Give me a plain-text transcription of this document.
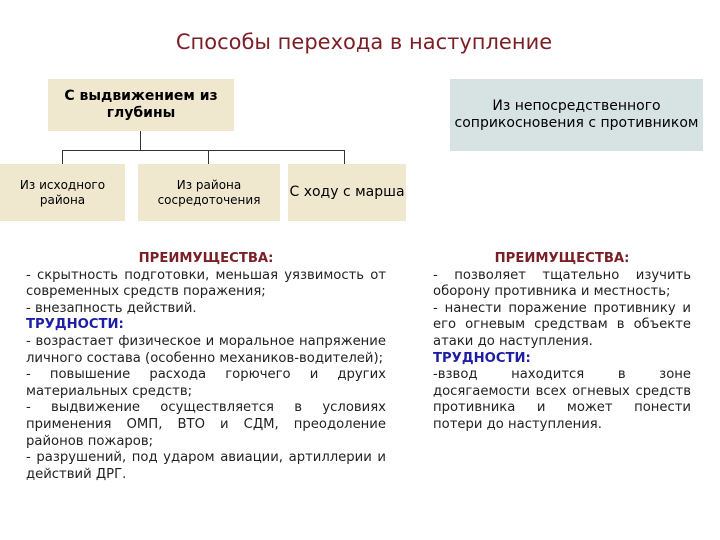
Способы перехода в наступление
С выдвижением из глубины	Из непосредственного соприкосновения с противником
Из исходного района
Из района сосредоточения	С ходу с марша
ПРЕИМУЩЕСТВА:
- скрытность подготовки, меньшая уязвимость от современных средств поражения;
- внезапность действий.
ТРУДНОСТИ:
- возрастает физическое и моральное напряжение личного состава (особенно механиков-водителей);
- повышение расхода горючего и других материальных средств;
- выдвижение осуществляется в условиях применения ОМП, ВТО и СДМ, преодоление районов пожаров;
- разрушений, под ударом авиации, артиллерии и действий ДРГ.
ПРЕИМУЩЕСТВА:
- позволяет тщательно изучить оборону противника и местность;
- нанести поражение противнику и его огневым средствам в объекте атаки до наступления.
ТРУДНОСТИ:
-взвод находится в зоне досягаемости всех огневых средств противника и может понести потери до наступления.
